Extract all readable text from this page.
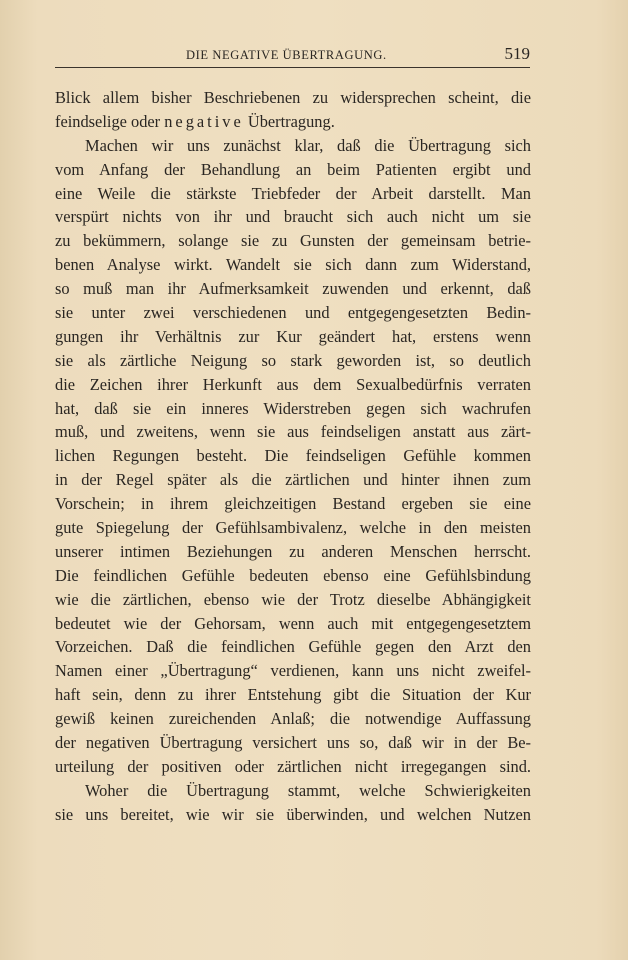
DIE NEGATIVE ÜBERTRAGUNG.	519
Blick allem bisher Beschriebenen zu widersprechen scheint, die
feindselige oder negative Übertragung.
Machen wir uns zunächst klar, daß die Übertragung sich
vom Anfang der Behandlung an beim Patienten ergibt und
eine Weile die stärkste Triebfeder der Arbeit darstellt. Man
verspürt nichts von ihr und braucht sich auch nicht um sie
zu bekümmern, solange sie zu Gunsten der gemeinsam betrie-
benen Analyse wirkt. Wandelt sie sich dann zum Widerstand,
so muß man ihr Aufmerksamkeit zuwenden und erkennt, daß
sie unter zwei verschiedenen und entgegengesetzten Bedin-
gungen ihr Verhältnis zur Kur geändert hat, erstens wenn
sie als zärtliche Neigung so stark geworden ist, so deutlich
die Zeichen ihrer Herkunft aus dem Sexualbedürfnis verraten
hat, daß sie ein inneres Widerstreben gegen sich wachrufen
muß, und zweitens, wenn sie aus feindseligen anstatt aus zärt-
lichen Regungen besteht. Die feindseligen Gefühle kommen
in der Regel später als die zärtlichen und hinter ihnen zum
Vorschein; in ihrem gleichzeitigen Bestand ergeben sie eine
gute Spiegelung der Gefühlsambivalenz, welche in den meisten
unserer intimen Beziehungen zu anderen Menschen herrscht.
Die feindlichen Gefühle bedeuten ebenso eine Gefühlsbindung
wie die zärtlichen, ebenso wie der Trotz dieselbe Abhängigkeit
bedeutet wie der Gehorsam, wenn auch mit entgegengesetztem
Vorzeichen. Daß die feindlichen Gefühle gegen den Arzt den
Namen einer „Übertragung“ verdienen, kann uns nicht zweifel-
haft sein, denn zu ihrer Entstehung gibt die Situation der Kur
gewiß keinen zureichenden Anlaß; die notwendige Auffassung
der negativen Übertragung versichert uns so, daß wir in der Be-
urteilung der positiven oder zärtlichen nicht irregegangen sind.
Woher die Übertragung stammt, welche Schwierigkeiten
sie uns bereitet, wie wir sie überwinden, und welchen Nutzen
